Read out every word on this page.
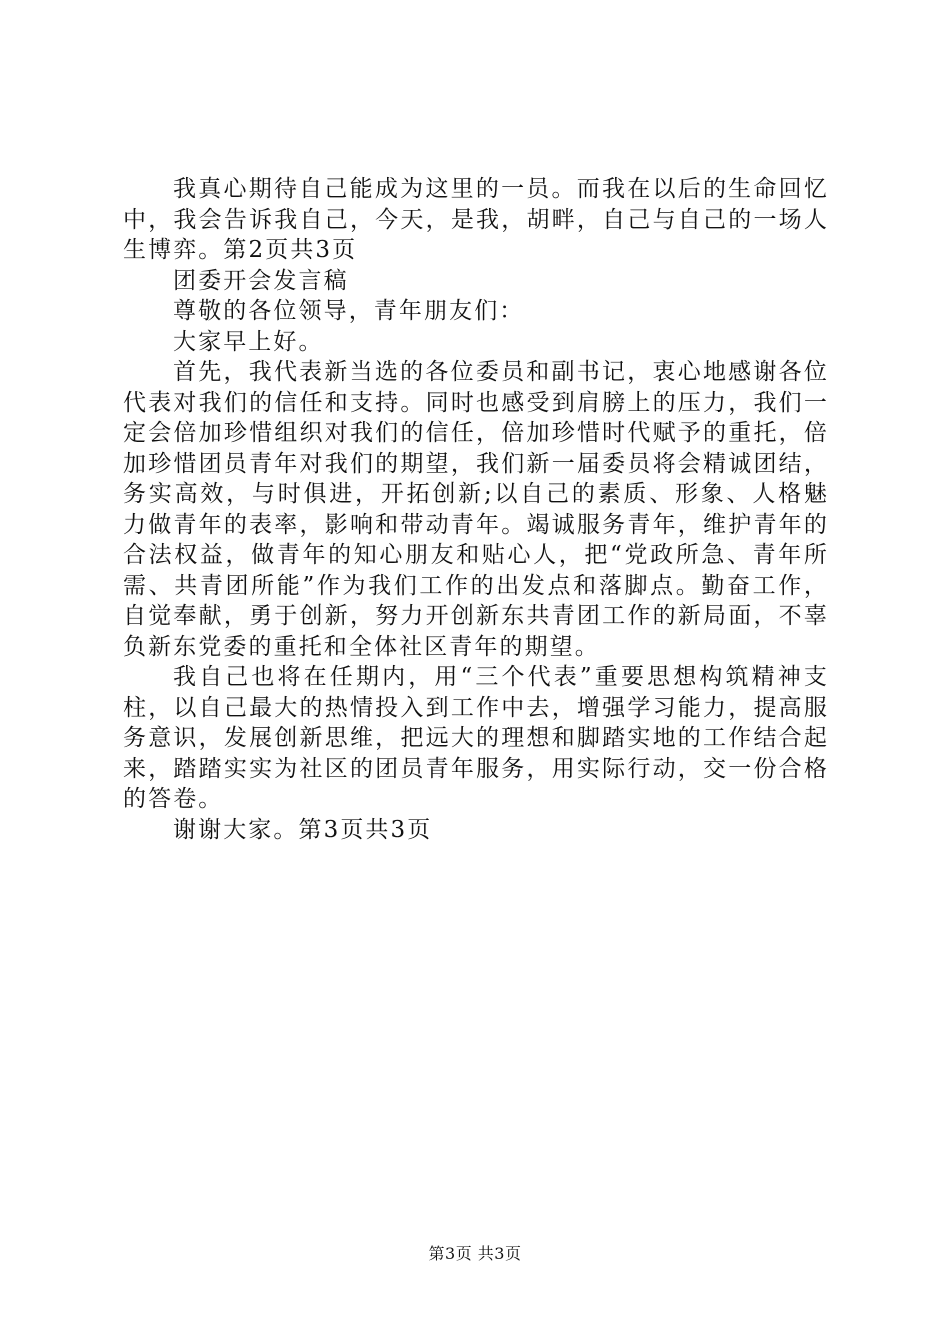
我真心期待自己能成为这里的一员。而我在以后的生命回忆中，我会告诉我自己，今天，是我，胡畔，自己与自己的一场人生博弈。第2页共3页

团委开会发言稿

尊敬的各位领导，青年朋友们：

大家早上好。

首先，我代表新当选的各位委员和副书记，衷心地感谢各位代表对我们的信任和支持。同时也感受到肩膀上的压力，我们一定会倍加珍惜组织对我们的信任，倍加珍惜时代赋予的重托，倍加珍惜团员青年对我们的期望，我们新一届委员将会精诚团结，务实高效，与时俱进，开拓创新;以自己的素质、形象、人格魅力做青年的表率，影响和带动青年。竭诚服务青年，维护青年的合法权益，做青年的知心朋友和贴心人，把“党政所急、青年所需、共青团所能”作为我们工作的出发点和落脚点。勤奋工作，自觉奉献，勇于创新，努力开创新东共青团工作的新局面，不辜负新东党委的重托和全体社区青年的期望。

我自己也将在任期内，用“三个代表”重要思想构筑精神支柱，以自己最大的热情投入到工作中去，增强学习能力，提高服务意识，发展创新思维，把远大的理想和脚踏实地的工作结合起来，踏踏实实为社区的团员青年服务，用实际行动，交一份合格的答卷。

谢谢大家。第3页共3页

第3页 共3页
